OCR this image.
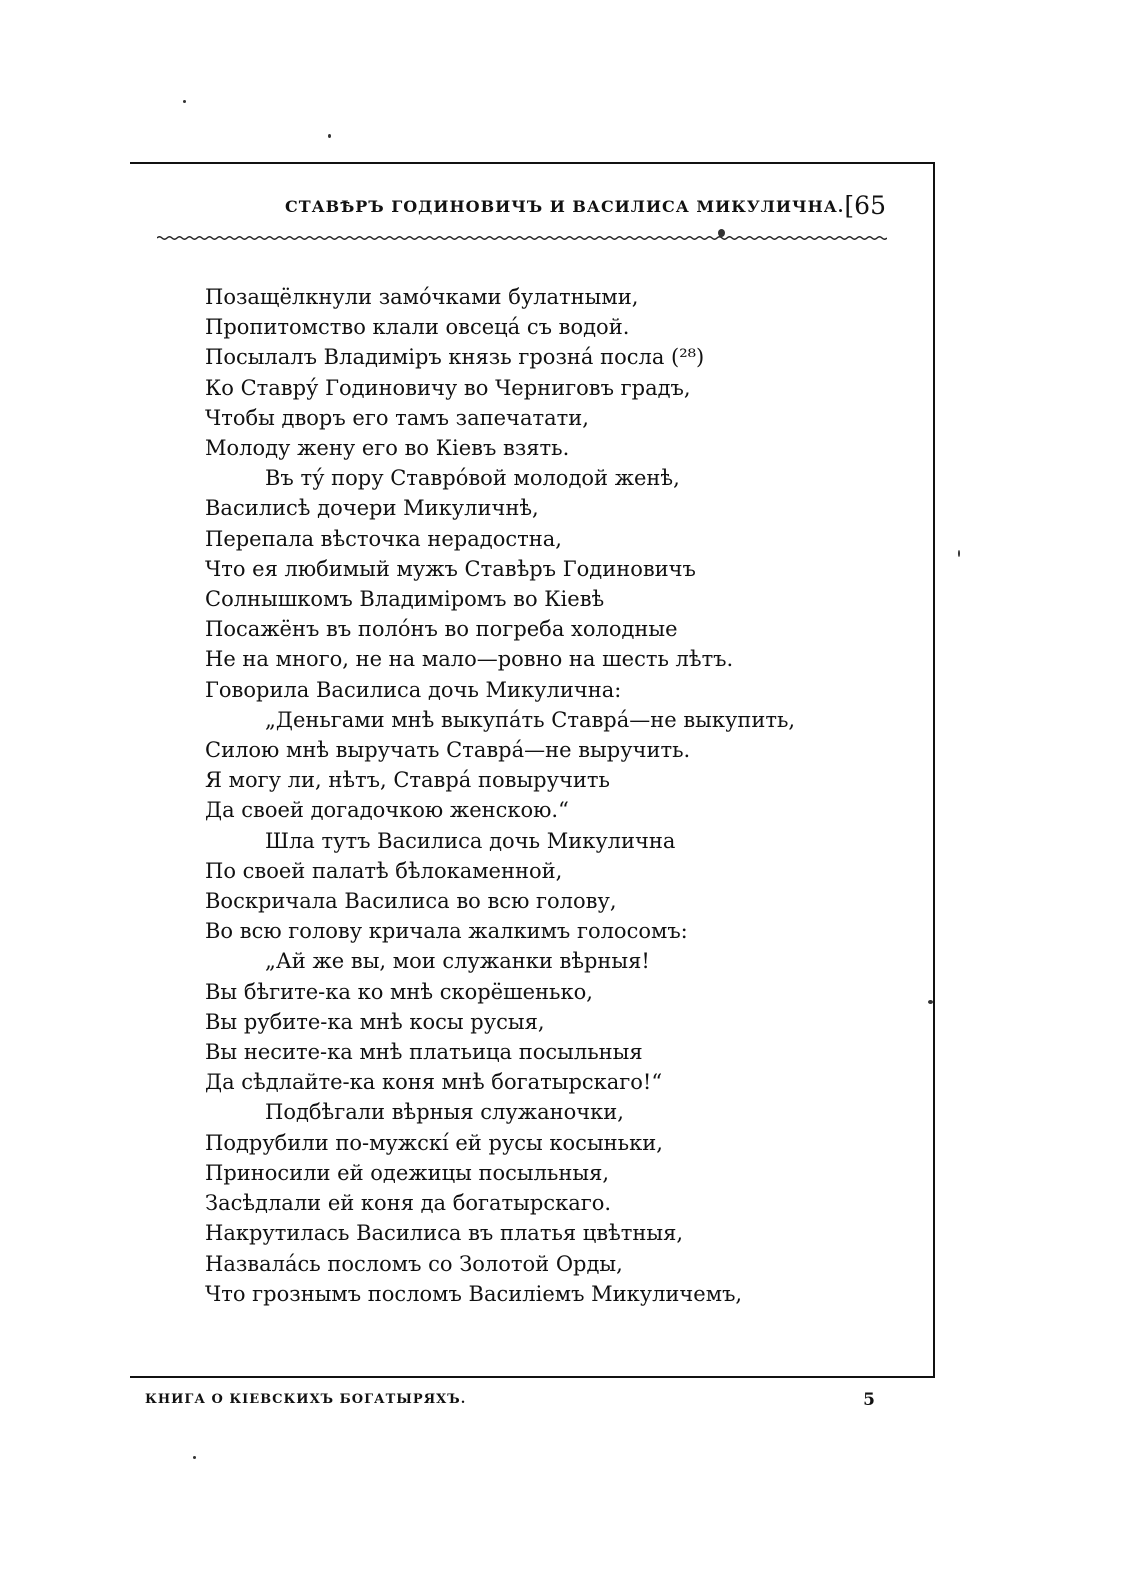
СТАВѢРЪ ГОДИНОВИЧЪ И ВАСИЛИСА МИКУЛИЧНА. [65
Позащёлкнули замо́чками булатными,
Пропитомство клали овсеца́ съ водой.
Посылалъ Владиміръ князь грозна́ посла (²⁸)
Ко Ставру́ Годиновичу во Черниговъ градъ,
Чтобы дворъ его тамъ запечатати,
Молоду жену его во Кіевъ взять.
Въ ту́ пору Ставро́вой молодой женѣ,
Василисѣ дочери Микуличнѣ,
Перепала вѣсточка нерадостна,
Что ея любимый мужъ Ставѣръ Годиновичъ
Солнышкомъ Владиміромъ во Кіевѣ
Посажёнъ въ поло́нъ во погреба холодные
Не на много, не на мало—ровно на шесть лѣтъ.
Говорила Василиса дочь Микулична:
„Деньгами мнѣ выкупа́ть Ставра́—не выкупить,
Силою мнѣ выручать Ставра́—не выручить.
Я могу ли, нѣтъ, Ставра́ повыручить
Да своей догадочкою женскою.“
Шла тутъ Василиса дочь Микулична
По своей палатѣ бѣлокаменной,
Воскричала Василиса во всю голову,
Во всю голову кричала жалкимъ голосомъ:
„Ай же вы, мои служанки вѣрныя!
Вы бѣгите-ка ко мнѣ скорёшенько,
Вы рубите-ка мнѣ косы русыя,
Вы несите-ка мнѣ платьица посыльныя
Да сѣдлайте-ка коня мнѣ богатырскаго!“
Подбѣгали вѣрныя служаночки,
Подрубили по-мужскі́ ей русы косыньки,
Приносили ей одежицы посыльныя,
Засѣдлали ей коня да богатырскаго.
Накрутилась Василиса въ платья цвѣтныя,
Назвала́сь посломъ со Золотой Орды,
Что грознымъ посломъ Василіемъ Микуличемъ,
КНИГА О КІЕВСКИХЪ БОГАТЫРЯХЪ.	5
